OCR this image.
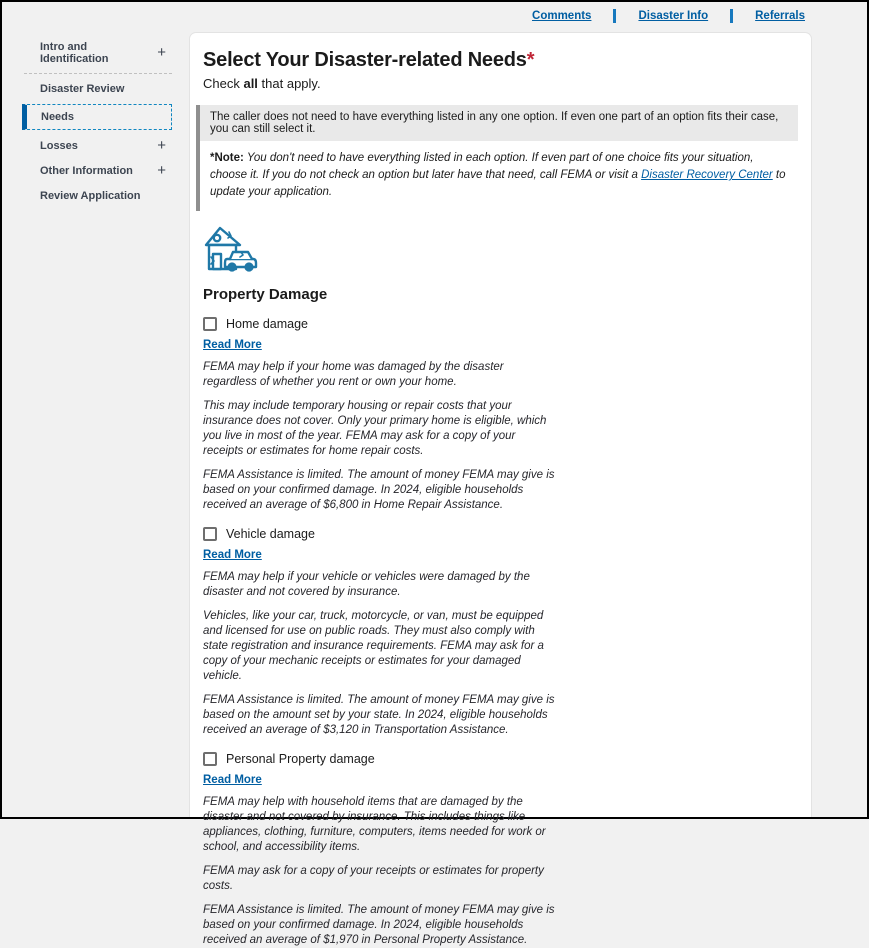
Comments	Disaster Info	Referrals
Intro and Identification	+
Disaster Review
Needs
Losses	+
Other Information +
Review Application
Select Your Disaster-related Needs*
Check all that apply.
The caller does not need to have everything listed in any one option. If even one part of an option fits their case, you can still select it.
*Note: You don't need to have everything listed in each option. If even part of one choice fits your situation, choose it. If you do not check an option but later have that need, call FEMA or visit a Disaster Recovery Center to update your application.
Property Damage
Home damage
Read More

FEMA may help if your home was damaged by the disaster regardless of whether you rent or own your home.

This may include temporary housing or repair costs that your insurance does not cover. Only your primary home is eligible, which you live in most of the year. FEMA may ask for a copy of your receipts or estimates for home repair costs.

FEMA Assistance is limited. The amount of money FEMA may give is based on your confirmed damage. In 2024, eligible households received an average of $6,800 in Home Repair Assistance.

Vehicle damage
Read More

FEMA may help if your vehicle or vehicles were damaged by the disaster and not covered by insurance.

Vehicles, like your car, truck, motorcycle, or van, must be equipped and licensed for use on public roads. They must also comply with state registration and insurance requirements. FEMA may ask for a copy of your mechanic receipts or estimates for your damaged vehicle.

FEMA Assistance is limited. The amount of money FEMA may give is based on the amount set by your state. In 2024, eligible households received an average of $3,120 in Transportation Assistance.

Personal Property damage
Read More

FEMA may help with household items that are damaged by the disaster and not covered by insurance. This includes things like appliances, clothing, furniture, computers, items needed for work or school, and accessibility items.

FEMA may ask for a copy of your receipts or estimates for property costs.

FEMA Assistance is limited. The amount of money FEMA may give is based on your confirmed damage. In 2024, eligible households received an average of $1,970 in Personal Property Assistance.
